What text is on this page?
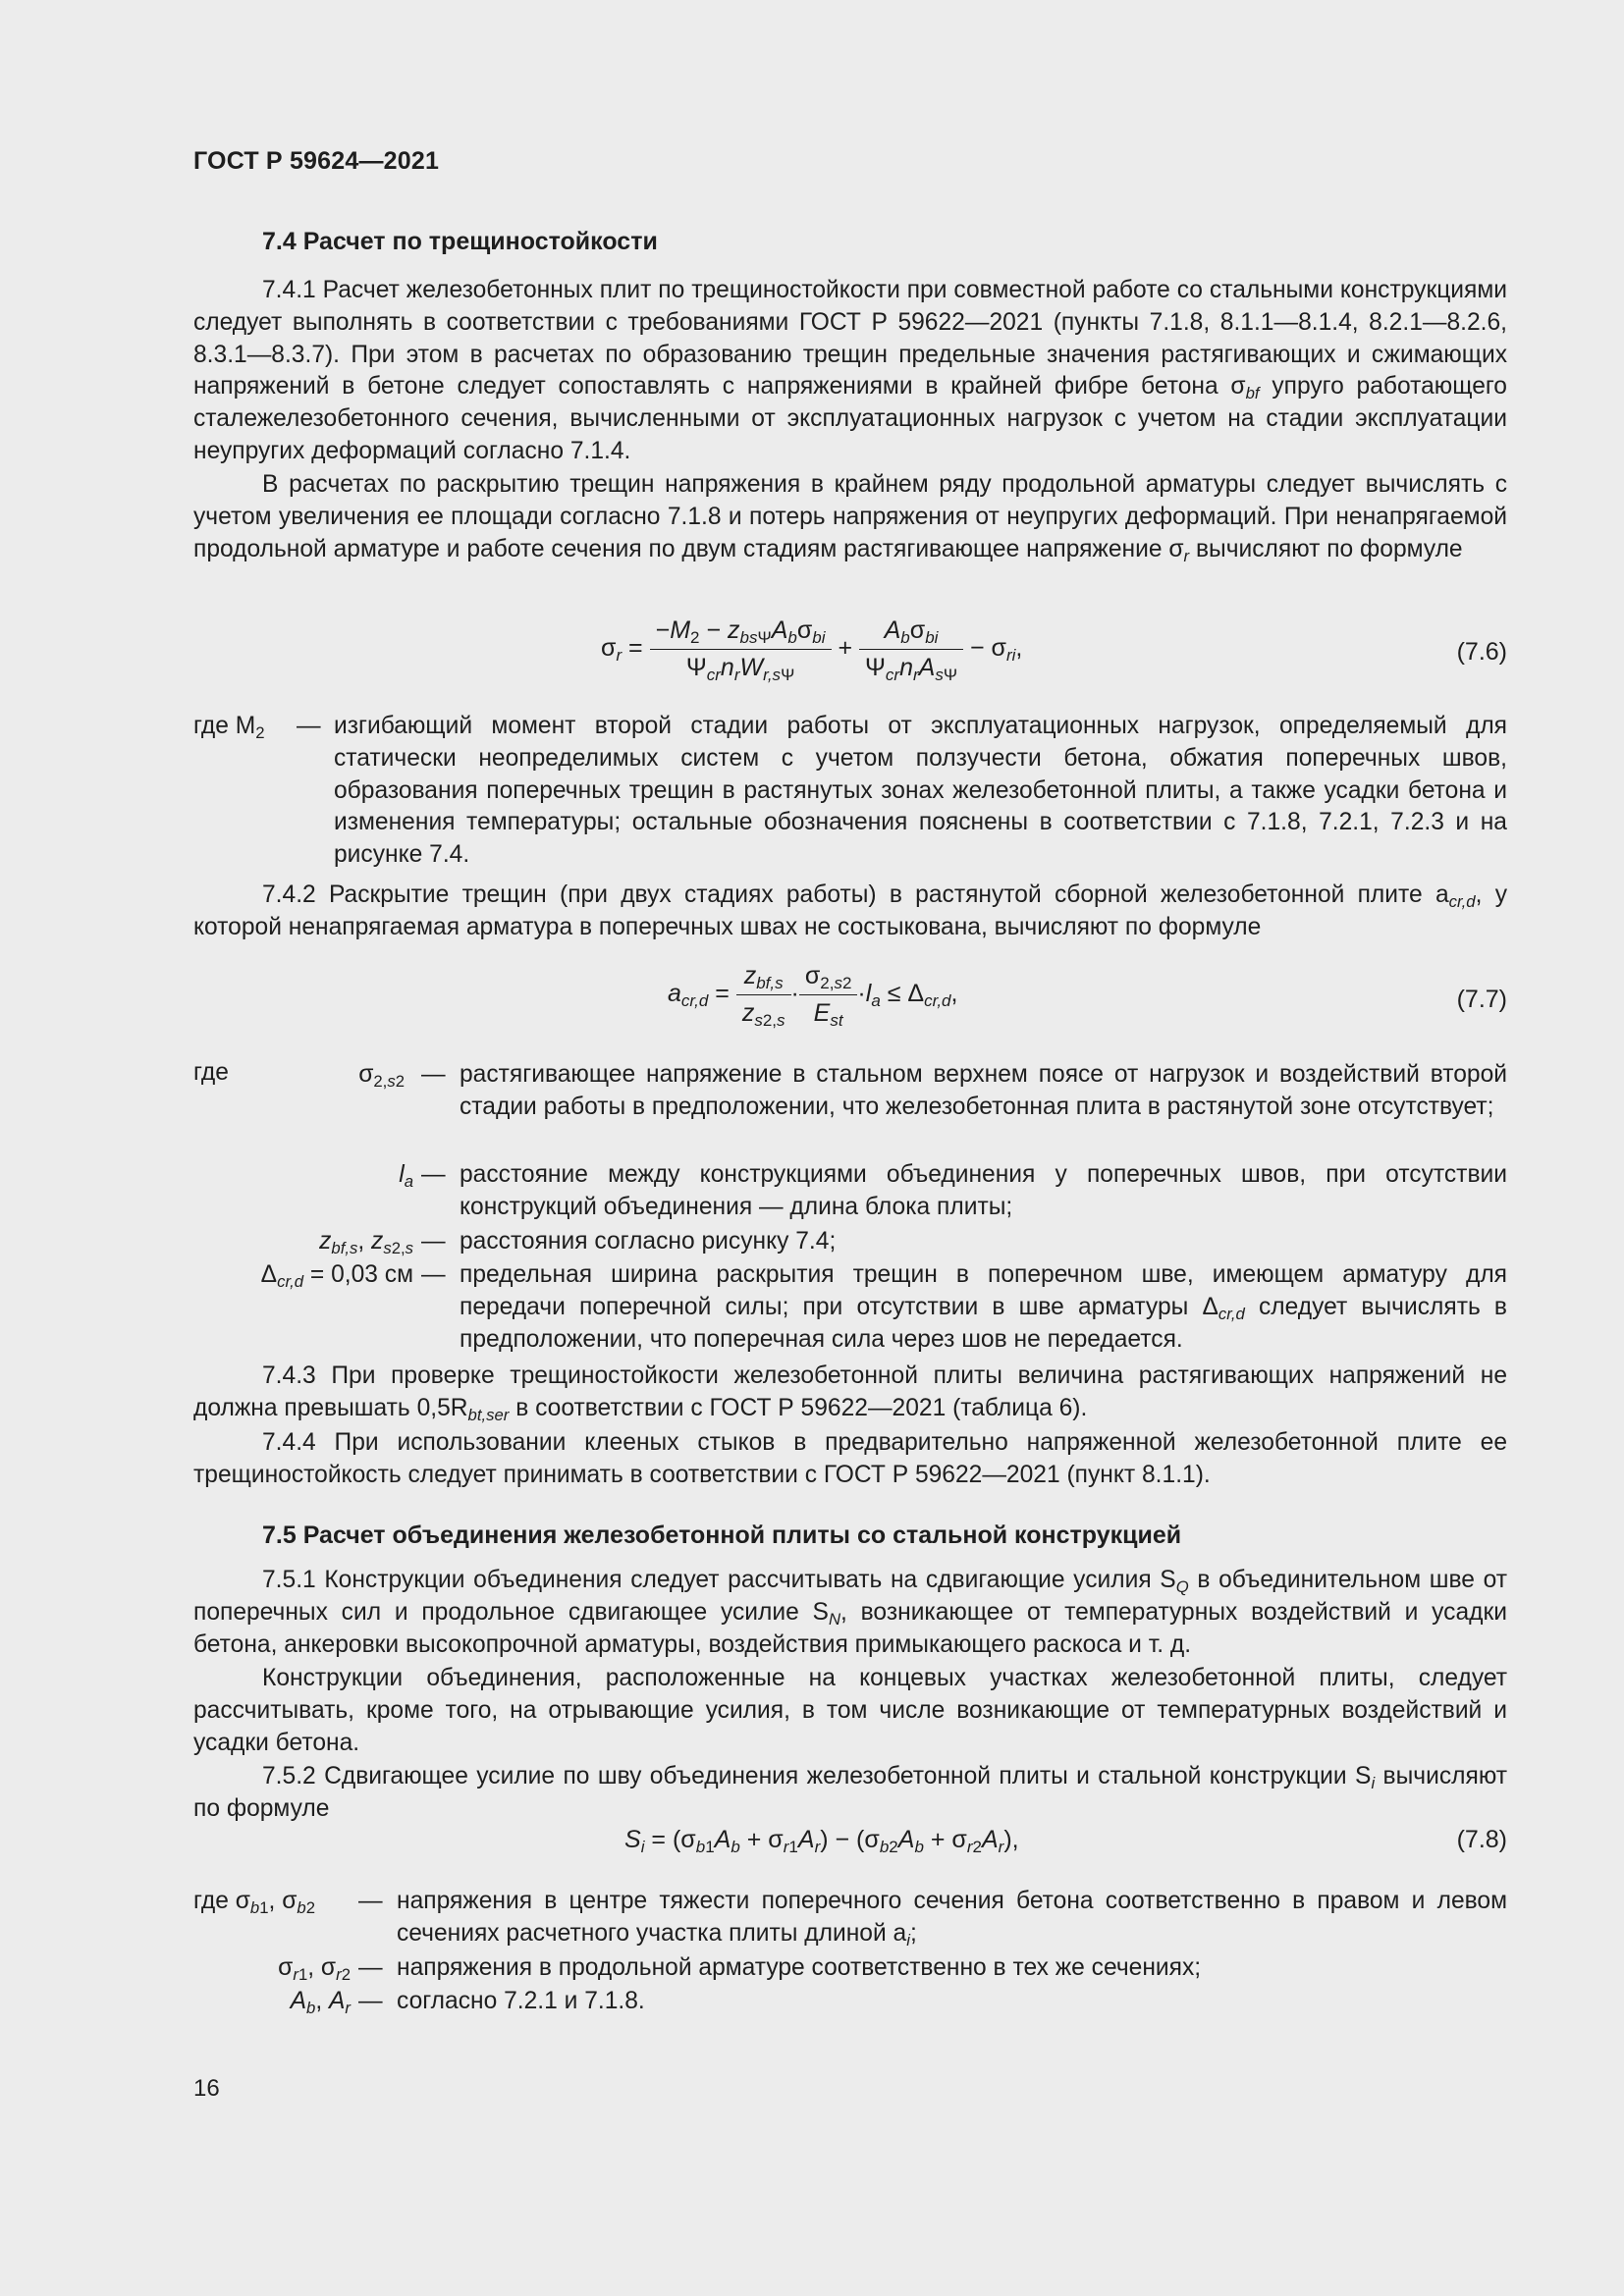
ГОСТ Р 59624—2021
7.4 Расчет по трещиностойкости

7.4.1 Расчет железобетонных плит по трещиностойкости при совместной работе со стальными конструкциями следует выполнять в соответствии с требованиями ГОСТ Р 59622—2021 (пункты 7.1.8, 8.1.1—8.1.4, 8.2.1—8.2.6, 8.3.1—8.3.7). При этом в расчетах по образованию трещин предельные значения растягивающих и сжимающих напряжений в бетоне следует сопоставлять с напряжениями в крайней фибре бетона $\sigma_{bf}$ упруго работающего сталежелезобетонного сечения, вычисленными от эксплуатационных нагрузок с учетом на стадии эксплуатации неупругих деформаций согласно 7.1.4.

В расчетах по раскрытию трещин напряжения в крайнем ряду продольной арматуры следует вычислять с учетом увеличения ее площади согласно 7.1.8 и потерь напряжения от неупругих деформаций. При ненапрягаемой продольной арматуре и работе сечения по двум стадиям растягивающее напряжение $\sigma_r$ вычисляют по формуле

$\sigma_r = \frac{-M_2 - z_{bs\Psi}A_b\sigma_{bi}}{\Psi_{cr}n_rW_{r,s\Psi}} + \frac{A_b\sigma_{bi}}{\Psi_{cr}n_rA_{s\Psi}} - \sigma_{ri}$,	(7.6)
где $M_2$ — изгибающий момент второй стадии работы от эксплуатационных нагрузок, определяемый для статически неопределимых систем с учетом ползучести бетона, обжатия поперечных швов, образования поперечных трещин в растянутых зонах железобетонной плиты, а также усадки бетона и изменения температуры; остальные обозначения пояснены в соответствии с 7.1.8, 7.2.1, 7.2.3 и на рисунке 7.4.

7.4.2 Раскрытие трещин (при двух стадиях работы) в растянутой сборной железобетонной плите $a_{cr,d}$, у которой ненапрягаемая арматура в поперечных швах не состыкована, вычисляют по формуле

$a_{cr,d} = \frac{z_{bf,s}}{z_{s2,s}} \cdot \frac{\sigma_{2,s2}}{E_{st}} \cdot l_a \le \Delta_{cr,d}$,	(7.7)
где	$\sigma_{2,s2}$ — растягивающее напряжение в стальном верхнем поясе от нагрузок и воздействий второй стадии работы в предположении, что железобетонная плита в растянутой зоне отсутствует;
$l_a$ — расстояние между конструкциями объединения у поперечных швов, при отсутствии конструкций объединения — длина блока плиты;
$z_{bf,s}$, $z_{s2,s}$ — расстояния согласно рисунку 7.4;
$\Delta_{cr,d} = 0,03$ см — предельная ширина раскрытия трещин в поперечном шве, имеющем арматуру для передачи поперечной силы; при отсутствии в шве арматуры $\Delta_{cr,d}$ следует вычислять в предположении, что поперечная сила через шов не передается.

7.4.3 При проверке трещиностойкости железобетонной плиты величина растягивающих напряжений не должна превышать $0,5R_{bt,ser}$ в соответствии с ГОСТ Р 59622—2021 (таблица 6).

7.4.4 При использовании клееных стыков в предварительно напряженной железобетонной плите ее трещиностойкость следует принимать в соответствии с ГОСТ Р 59622—2021 (пункт 8.1.1).

7.5 Расчет объединения железобетонной плиты со стальной конструкцией

7.5.1 Конструкции объединения следует рассчитывать на сдвигающие усилия $S_Q$ в объединительном шве от поперечных сил и продольное сдвигающее усилие $S_N$, возникающее от температурных воздействий и усадки бетона, анкеровки высокопрочной арматуры, воздействия примыкающего раскоса и т. д.

Конструкции объединения, расположенные на концевых участках железобетонной плиты, следует рассчитывать, кроме того, на отрывающие усилия, в том числе возникающие от температурных воздействий и усадки бетона.

7.5.2 Сдвигающее усилие по шву объединения железобетонной плиты и стальной конструкции $S_i$ вычисляют по формуле

$S_i = (\sigma_{b1}A_b + \sigma_{r1}A_r) - (\sigma_{b2}A_b + \sigma_{r2}A_r)$,	(7.8)
где $\sigma_{b1}$, $\sigma_{b2}$ — напряжения в центре тяжести поперечного сечения бетона соответственно в правом и левом сечениях расчетного участка плиты длиной $a_i$;
$\sigma_{r1}$, $\sigma_{r2}$ — напряжения в продольной арматуре соответственно в тех же сечениях;
$A_b$, $A_r$ — согласно 7.2.1 и 7.1.8.
16
